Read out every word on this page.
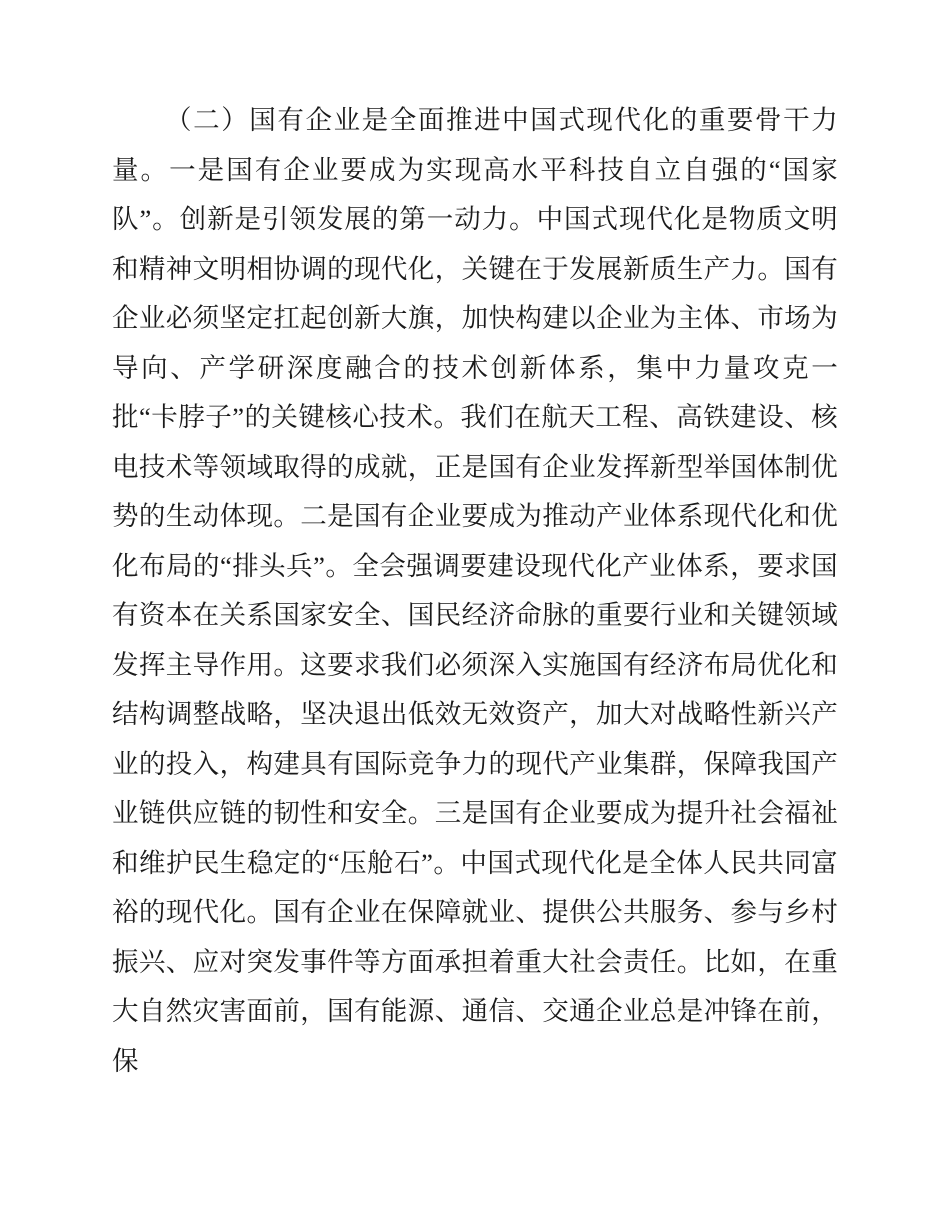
（二）国有企业是全面推进中国式现代化的重要骨干力量。一是国有企业要成为实现高水平科技自立自强的“国家队”。创新是引领发展的第一动力。中国式现代化是物质文明和精神文明相协调的现代化，关键在于发展新质生产力。国有企业必须坚定扛起创新大旗，加快构建以企业为主体、市场为导向、产学研深度融合的技术创新体系，集中力量攻克一批“卡脖子”的关键核心技术。我们在航天工程、高铁建设、核电技术等领域取得的成就，正是国有企业发挥新型举国体制优势的生动体现。二是国有企业要成为推动产业体系现代化和优化布局的“排头兵”。全会强调要建设现代化产业体系，要求国有资本在关系国家安全、国民经济命脉的重要行业和关键领域发挥主导作用。这要求我们必须深入实施国有经济布局优化和结构调整战略，坚决退出低效无效资产，加大对战略性新兴产业的投入，构建具有国际竞争力的现代产业集群，保障我国产业链供应链的韧性和安全。三是国有企业要成为提升社会福祉和维护民生稳定的“压舱石”。中国式现代化是全体人民共同富裕的现代化。国有企业在保障就业、提供公共服务、参与乡村振兴、应对突发事件等方面承担着重大社会责任。比如，在重大自然灾害面前，国有能源、通信、交通企业总是冲锋在前，保
